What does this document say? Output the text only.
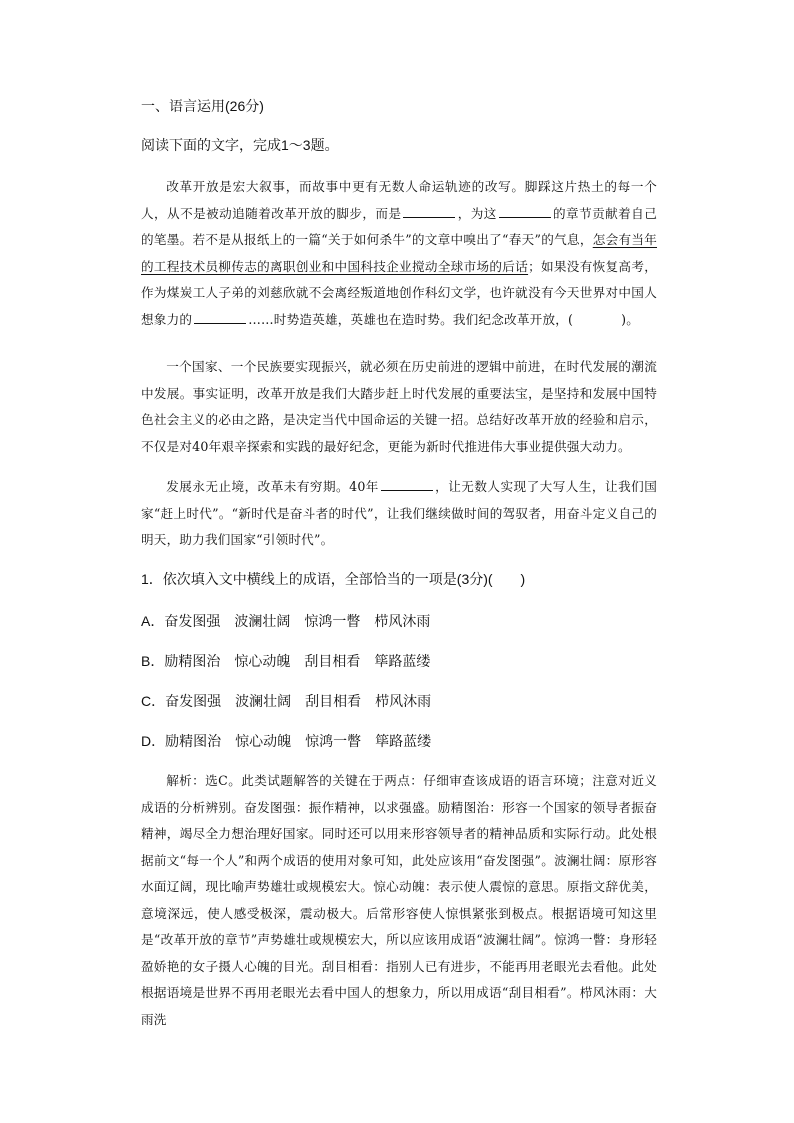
一、语言运用(26分)
阅读下面的文字，完成1～3题。
改革开放是宏大叙事，而故事中更有无数人命运轨迹的改写。脚踩这片热土的每一个人，从不是被动追随着改革开放的脚步，而是	，为这	的章节贡献着自己的笔墨。若不是从报纸上的一篇“关于如何杀牛”的文章中嗅出了“春天”的气息，怎会有当年的工程技术员柳传志的离职创业和中国科技企业搅动全球市场的后话；如果没有恢复高考，作为煤炭工人子弟的刘慈欣就不会离经叛道地创作科幻文学，也许就没有今天世界对中国人想象力的	……时势造英雄，英雄也在造时势。我们纪念改革开放，(	)。
一个国家、一个民族要实现振兴，就必须在历史前进的逻辑中前进，在时代发展的潮流中发展。事实证明，改革开放是我们大踏步赶上时代发展的重要法宝，是坚持和发展中国特色社会主义的必由之路，是决定当代中国命运的关键一招。总结好改革开放的经验和启示，不仅是对40年艰辛探索和实践的最好纪念，更能为新时代推进伟大事业提供强大动力。
发展永无止境，改革未有穷期。40年	，让无数人实现了大写人生，让我们国家“赶上时代”。“新时代是奋斗者的时代”，让我们继续做时间的驾驭者，用奋斗定义自己的明天，助力我们国家“引领时代”。
1．依次填入文中横线上的成语，全部恰当的一项是(3分)(　　)
A．奋发图强　波澜壮阔　惊鸿一瞥　栉风沐雨
B．励精图治　惊心动魄　刮目相看　筚路蓝缕
C．奋发图强　波澜壮阔　刮目相看　栉风沐雨
D．励精图治　惊心动魄　惊鸿一瞥　筚路蓝缕
解析：选C。此类试题解答的关键在于两点：仔细审查该成语的语言环境；注意对近义成语的分析辨别。奋发图强：振作精神，以求强盛。励精图治：形容一个国家的领导者振奋精神，竭尽全力想治理好国家。同时还可以用来形容领导者的精神品质和实际行动。此处根据前文“每一个人”和两个成语的使用对象可知，此处应该用“奋发图强”。波澜壮阔：原形容水面辽阔，现比喻声势雄壮或规模宏大。惊心动魄：表示使人震惊的意思。原指文辞优美，意境深远，使人感受极深，震动极大。后常形容使人惊惧紧张到极点。根据语境可知这里是“改革开放的章节”声势雄壮或规模宏大，所以应该用成语“波澜壮阔”。惊鸿一瞥：身形轻盈娇艳的女子摄人心魄的目光。刮目相看：指别人已有进步，不能再用老眼光去看他。此处根据语境是世界不再用老眼光去看中国人的想象力，所以用成语“刮目相看”。栉风沐雨：大雨洗
